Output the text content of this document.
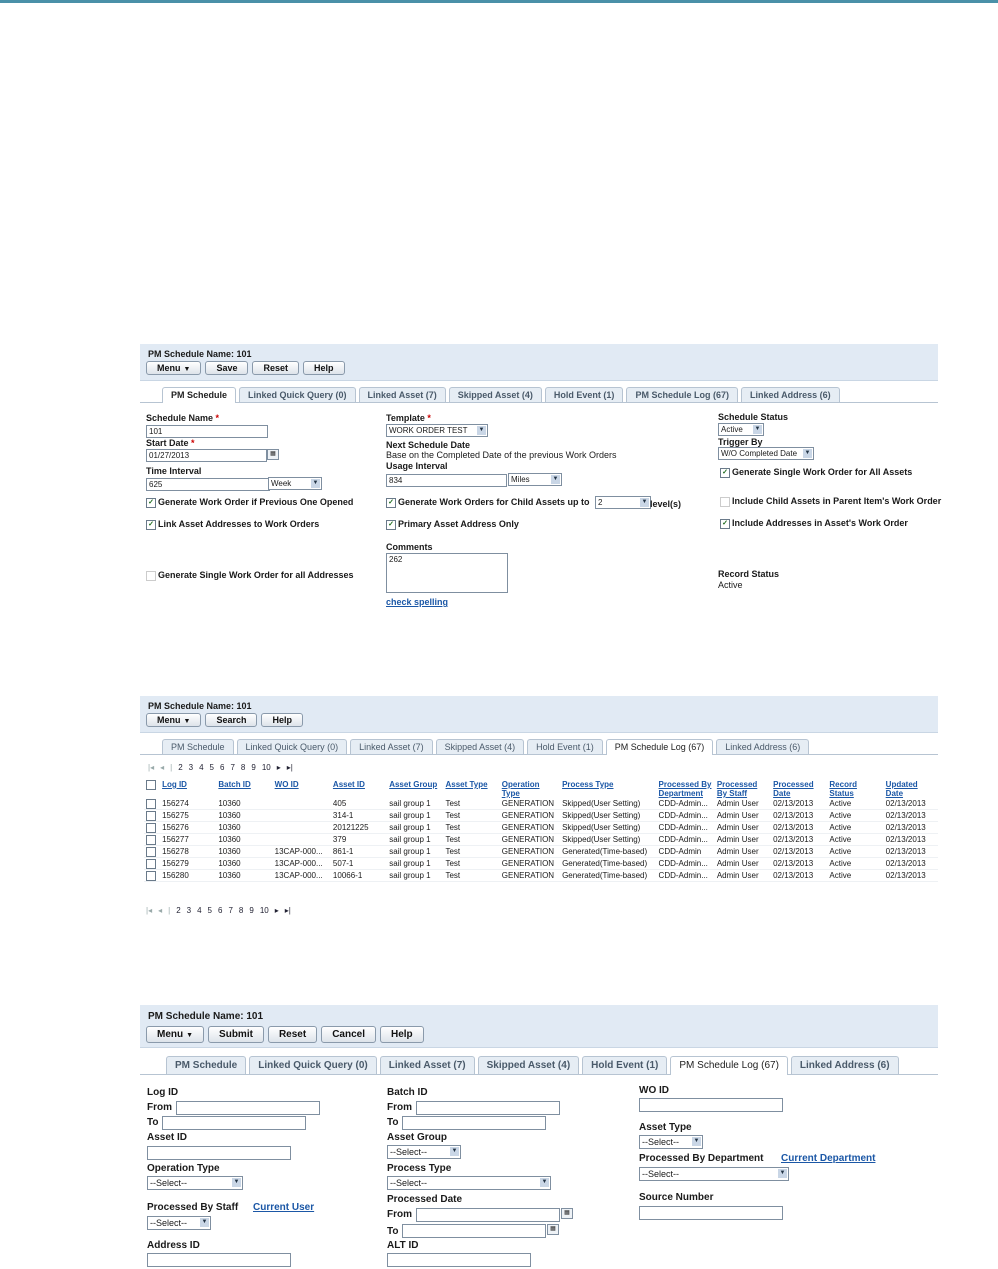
PM Schedule Name: 101
Menu ▼	Save	Reset	Help
PM Schedule	Linked Quick Query (0)	Linked Asset (7)	Skipped Asset (4)	Hold Event (1)	PM Schedule Log (67)	Linked Address (6)
Schedule Name *
101
Start Date *
01/27/2013	▦
Time Interval
625	Week	▼
✓ Generate Work Order if Previous One Opened
✓ Link Asset Addresses to Work Orders
Generate Single Work Order for all Addresses
Template *
WORK ORDER TEST ▼
Next Schedule Date
Base on the Completed Date of the previous Work Orders
Usage Interval
834	Miles	▼
✓ Generate Work Orders for Child Assets up to	2	▼ level(s)
✓ Primary Asset Address Only
Comments
262
check spelling
Schedule Status
Active ▼
Trigger By
W/O Completed Date ▼
✓ Generate Single Work Order for All Assets
Include Child Assets in Parent Item's Work Order
✓ Include Addresses in Asset's Work Order
Record Status
Active
PM Schedule Name: 101
Menu ▼	Search	Help
PM Schedule	Linked Quick Query (0)	Linked Asset (7)	Skipped Asset (4)	Hold Event (1)	PM Schedule Log (67)	Linked Address (6)
|◂ ◂ | 2 3 4 5 6 7 8 9 10 ▸ ▸|
	Log ID	Batch ID	WO ID	Asset ID	Asset Group	Asset Type	Operation Type	Process Type	Processed By Department	Processed By Staff	Processed Date	Record Status	Updated Date
	156274	10360		405	sail group 1	Test	GENERATION	Skipped(User Setting)	CDD-Admin...	Admin User	02/13/2013	Active	02/13/2013
	156275	10360		314-1	sail group 1	Test	GENERATION	Skipped(User Setting)	CDD-Admin...	Admin User	02/13/2013	Active	02/13/2013
	156276	10360		20121225	sail group 1	Test	GENERATION	Skipped(User Setting)	CDD-Admin...	Admin User	02/13/2013	Active	02/13/2013
	156277	10360		379	sail group 1	Test	GENERATION	Skipped(User Setting)	CDD-Admin...	Admin User	02/13/2013	Active	02/13/2013
	156278	10360	13CAP-000...	861-1	sail group 1	Test	GENERATION	Generated(Time-based)	CDD-Admin	Admin User	02/13/2013	Active	02/13/2013
	156279	10360	13CAP-000...	507-1	sail group 1	Test	GENERATION	Generated(Time-based)	CDD-Admin...	Admin User	02/13/2013	Active	02/13/2013
	156280	10360	13CAP-000...	10066-1	sail group 1	Test	GENERATION	Generated(Time-based)	CDD-Admin...	Admin User	02/13/2013	Active	02/13/2013
|◂ ◂ | 2 3 4 5 6 7 8 9 10 ▸ ▸|
PM Schedule Name: 101
Menu ▼	Submit	Reset	Cancel	Help
PM Schedule	Linked Quick Query (0)	Linked Asset (7)	Skipped Asset (4)	Hold Event (1)	PM Schedule Log (67)	Linked Address (6)
Log ID
From
To
Asset ID
Operation Type
--Select--	▼
Processed By Staff Current User
--Select-- ▼
Address ID
Batch ID
From
To
Asset Group
--Select--	▼
Process Type
--Select--	▼
Processed Date
From	▦
To	▦
ALT ID
WO ID
Asset Type
--Select-- ▼
Processed By Department Current Department
--Select--	▼
Source Number
